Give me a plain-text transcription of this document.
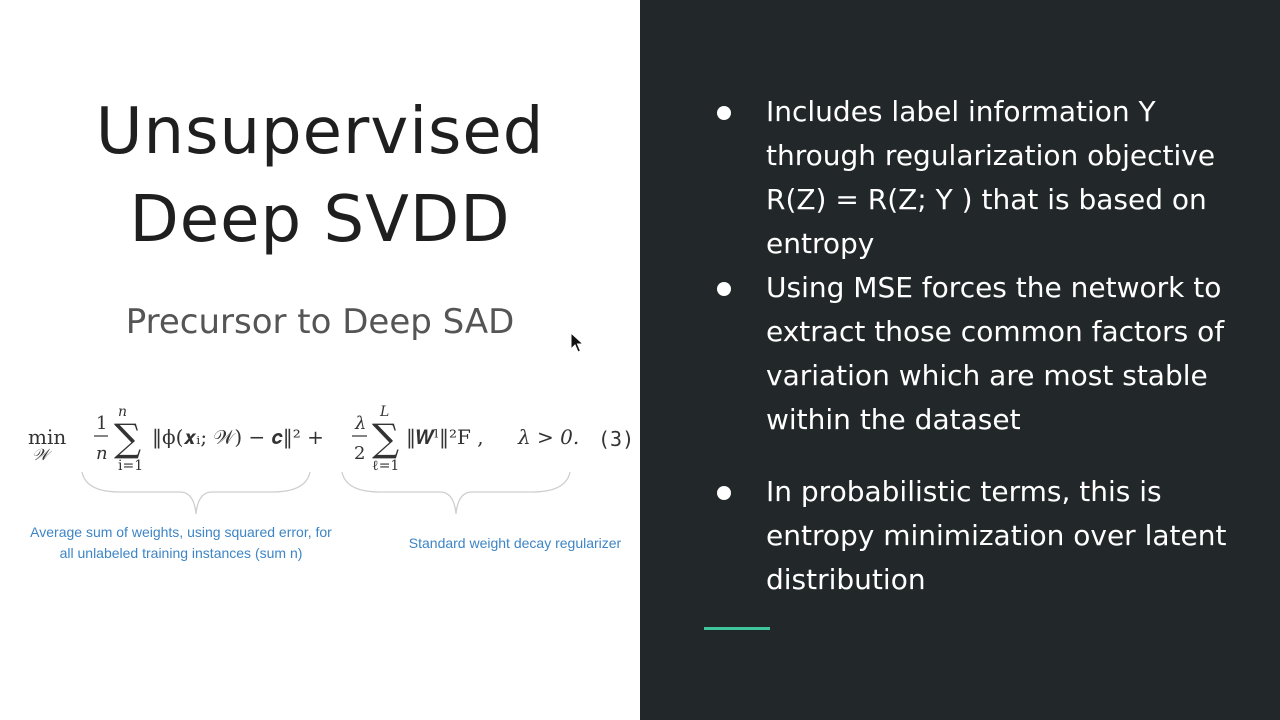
Unsupervised
Deep SVDD
Precursor to Deep SAD
min
𝒲
1
n
n
∑
i=1
‖ϕ(𝒙ᵢ; 𝒲) − 𝒄‖² +
λ
2
L
∑
ℓ=1
‖𝑾ˡ‖²F , λ > 0. (3)
Average sum of weights, using squared error, for
all unlabeled training instances (sum n)
Standard weight decay regularizer
Includes label information Y through regularization objective R(Z) = R(Z; Y ) that is based on entropy
Using MSE forces the network to extract those common factors of variation which are most stable within the dataset
In probabilistic terms, this is entropy minimization over latent distribution
